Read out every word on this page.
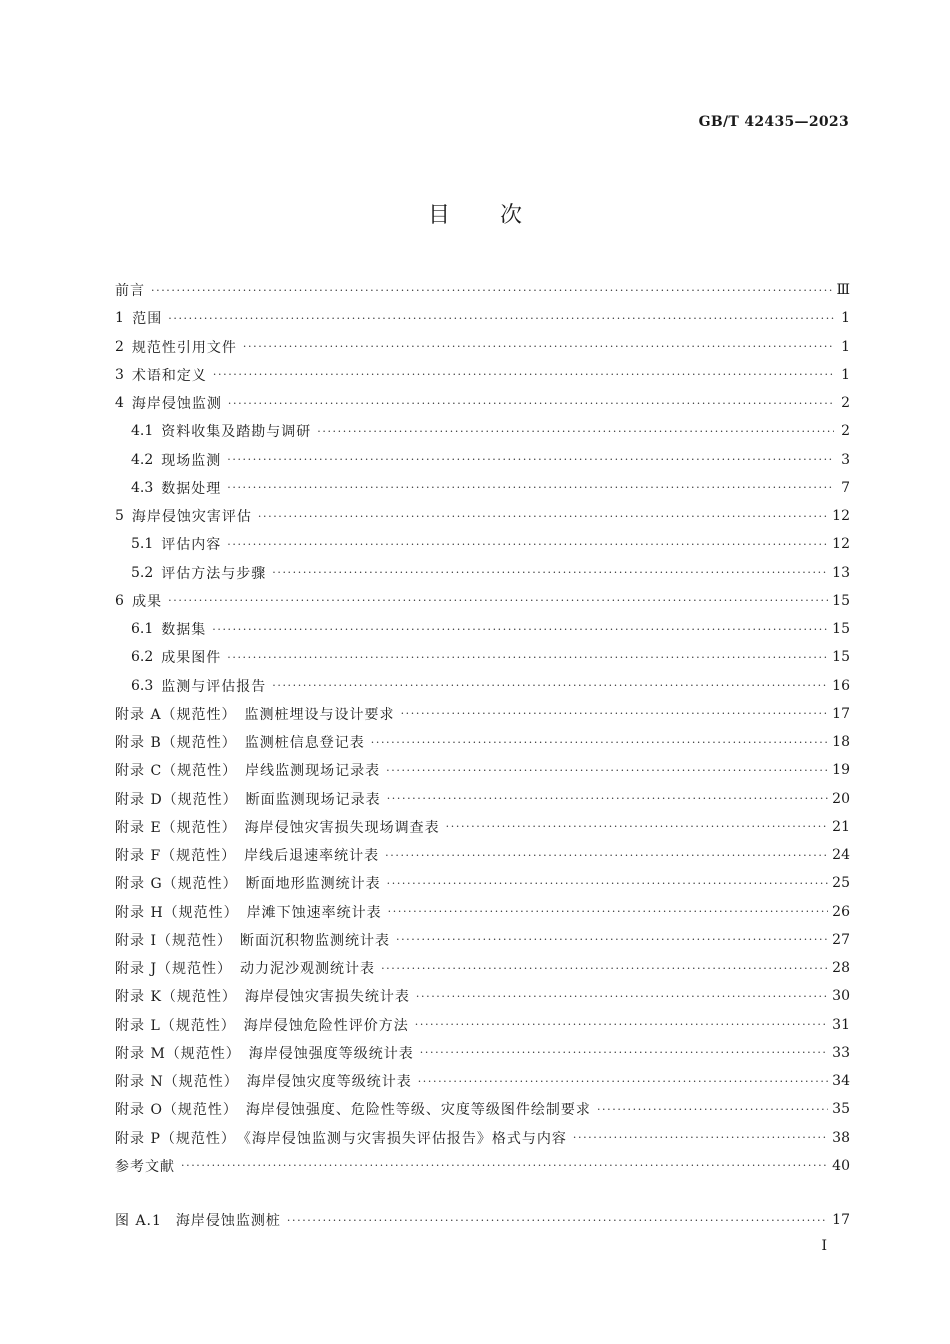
GB/T 42435—2023
目 次
前言 ·····	Ⅲ
1 范围 ·····	1
2 规范性引用文件 ·····	1
3 术语和定义 ·····	1
4 海岸侵蚀监测 ·····	2
4.1 资料收集及踏勘与调研 ·····	2
4.2 现场监测 ·····	3
4.3 数据处理 ·····	7
5 海岸侵蚀灾害评估 ·····	12
5.1 评估内容 ·····	12
5.2 评估方法与步骤 ·····	13
6 成果 ·····	15
6.1 数据集 ·····	15
6.2 成果图件 ·····	15
6.3 监测与评估报告 ·····	16
附录 A（规范性）　监测桩埋设与设计要求 ·····	17
附录 B（规范性）　监测桩信息登记表 ·····	18
附录 C（规范性）　岸线监测现场记录表 ·····	19
附录 D（规范性）　断面监测现场记录表 ·····	20
附录 E（规范性）　海岸侵蚀灾害损失现场调查表 ·····	21
附录 F（规范性）　岸线后退速率统计表 ·····	24
附录 G（规范性）　断面地形监测统计表 ·····	25
附录 H（规范性）　岸滩下蚀速率统计表 ·····	26
附录 I（规范性）　断面沉积物监测统计表 ·····	27
附录 J（规范性）　动力泥沙观测统计表 ·····	28
附录 K（规范性）　海岸侵蚀灾害损失统计表 ·····	30
附录 L（规范性）　海岸侵蚀危险性评价方法 ·····	31
附录 M（规范性）　海岸侵蚀强度等级统计表 ·····	33
附录 N（规范性）　海岸侵蚀灾度等级统计表 ·····	34
附录 O（规范性）　海岸侵蚀强度、危险性等级、灾度等级图件绘制要求 ·····	35
附录 P（规范性）　《海岸侵蚀监测与灾害损失评估报告》格式与内容 ·····	38
参考文献 ·····	40
图 A.1 海岸侵蚀监测桩 ·····	17
I
